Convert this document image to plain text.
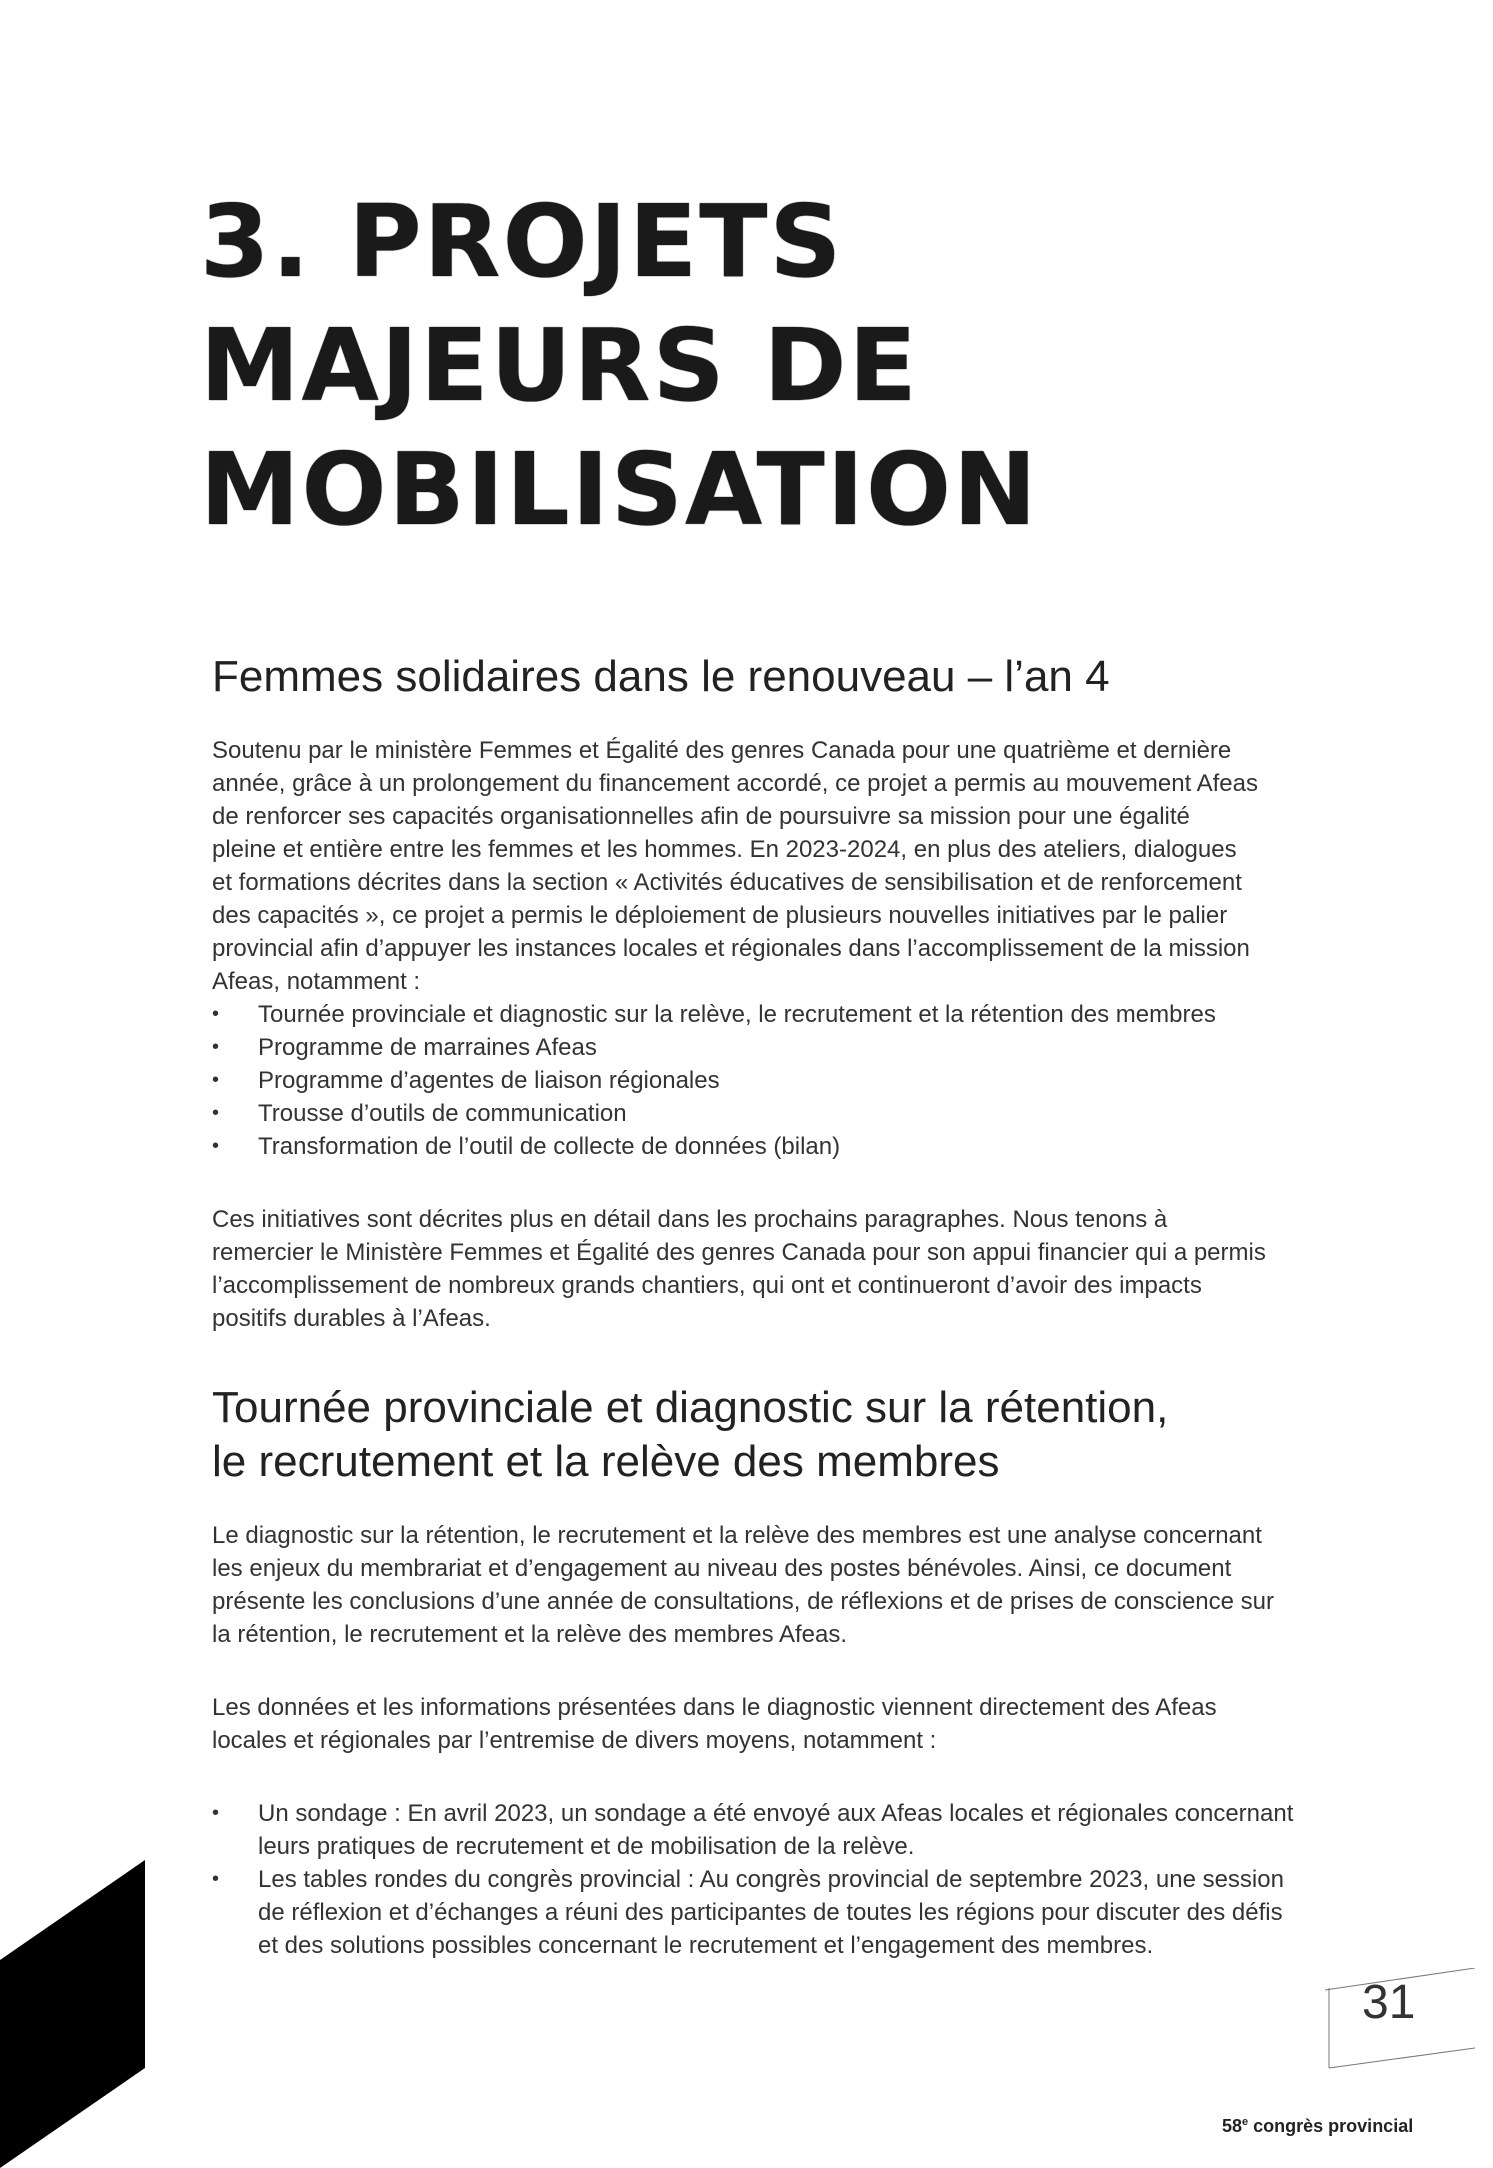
3. PROJETS
MAJEURS DE
MOBILISATION
Femmes solidaires dans le renouveau – l’an 4

Soutenu par le ministère Femmes et Égalité des genres Canada pour une quatrième et dernière
année, grâce à un prolongement du financement accordé, ce projet a permis au mouvement Afeas
de renforcer ses capacités organisationnelles afin de poursuivre sa mission pour une égalité
pleine et entière entre les femmes et les hommes. En 2023-2024, en plus des ateliers, dialogues
et formations décrites dans la section « Activités éducatives de sensibilisation et de renforcement
des capacités », ce projet a permis le déploiement de plusieurs nouvelles initiatives par le palier
provincial afin d’appuyer les instances locales et régionales dans l’accomplissement de la mission
Afeas, notamment :

•	Tournée provinciale et diagnostic sur la relève, le recrutement et la rétention des membres
•	Programme de marraines Afeas
•	Programme d’agentes de liaison régionales
•	Trousse d’outils de communication
•	Transformation de l’outil de collecte de données (bilan)

Ces initiatives sont décrites plus en détail dans les prochains paragraphes. Nous tenons à
remercier le Ministère Femmes et Égalité des genres Canada pour son appui financier qui a permis
l’accomplissement de nombreux grands chantiers, qui ont et continueront d’avoir des impacts
positifs durables à l’Afeas.

Tournée provinciale et diagnostic sur la rétention,
le recrutement et la relève des membres

Le diagnostic sur la rétention, le recrutement et la relève des membres est une analyse concernant
les enjeux du membrariat et d’engagement au niveau des postes bénévoles. Ainsi, ce document
présente les conclusions d’une année de consultations, de réflexions et de prises de conscience sur
la rétention, le recrutement et la relève des membres Afeas.

Les données et les informations présentées dans le diagnostic viennent directement des Afeas
locales et régionales par l’entremise de divers moyens, notamment :

•	Un sondage : En avril 2023, un sondage a été envoyé aux Afeas locales et régionales concernant
leurs pratiques de recrutement et de mobilisation de la relève.
•	Les tables rondes du congrès provincial : Au congrès provincial de septembre 2023, une session
de réflexion et d’échanges a réuni des participantes de toutes les régions pour discuter des défis
et des solutions possibles concernant le recrutement et l’engagement des membres.
31
58e congrès provincial
